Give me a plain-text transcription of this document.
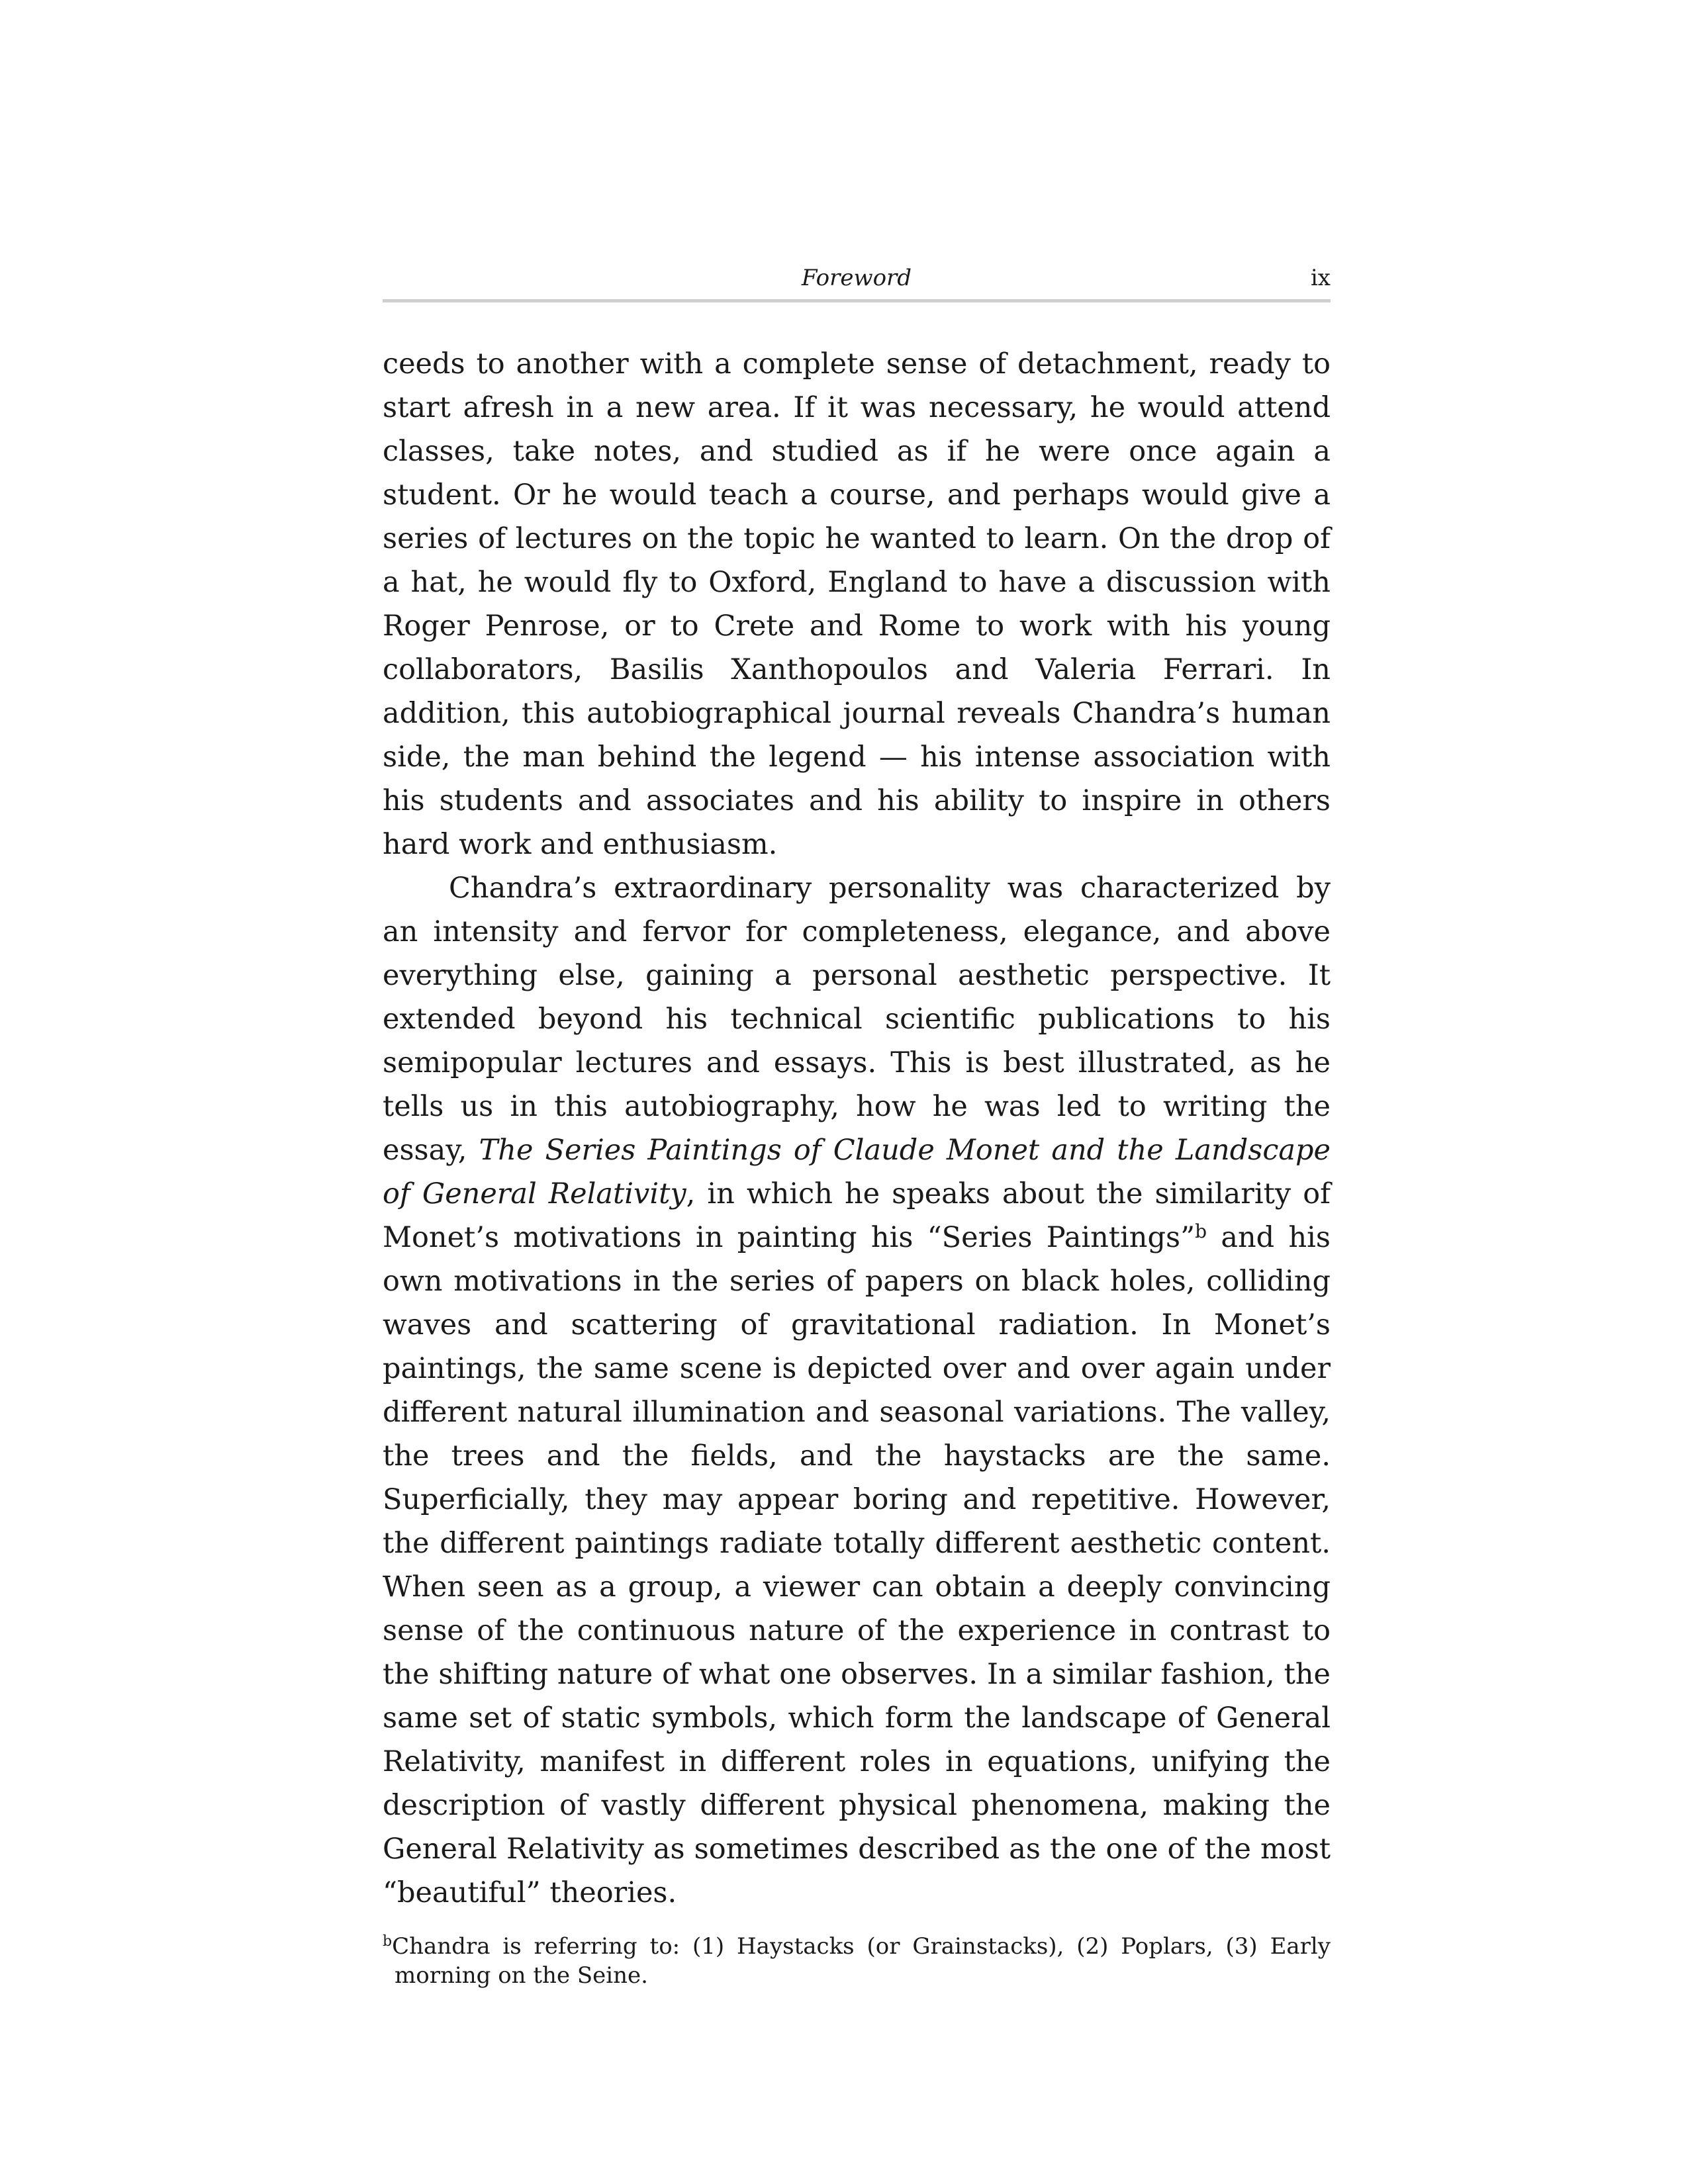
Foreword	ix

ceeds to another with a complete sense of detachment, ready to start afresh in a new area. If it was necessary, he would attend classes, take notes, and studied as if he were once again a student. Or he would teach a course, and perhaps would give a series of lectures on the topic he wanted to learn. On the drop of a hat, he would fly to Oxford, England to have a discussion with Roger Penrose, or to Crete and Rome to work with his young collaborators, Basilis Xanthopoulos and Valeria Ferrari. In addition, this autobiographical journal reveals Chandra’s human side, the man behind the legend — his intense association with his students and associates and his ability to inspire in others hard work and enthusiasm.

Chandra’s extraordinary personality was characterized by an intensity and fervor for completeness, elegance, and above everything else, gaining a personal aesthetic perspective. It extended beyond his technical scientific publications to his semipopular lectures and essays. This is best illustrated, as he tells us in this autobiography, how he was led to writing the essay, The Series Paintings of Claude Monet and the Landscape of General Relativity, in which he speaks about the similarity of Monet’s motivations in painting his “Series Paintings”$^b$ and his own motivations in the series of papers on black holes, colliding waves and scattering of gravitational radiation. In Monet’s paintings, the same scene is depicted over and over again under different natural illumination and seasonal variations. The valley, the trees and the fields, and the haystacks are the same. Superficially, they may appear boring and repetitive. However, the different paintings radiate totally different aesthetic content. When seen as a group, a viewer can obtain a deeply convincing sense of the continuous nature of the experience in contrast to the shifting nature of what one observes. In a similar fashion, the same set of static symbols, which form the landscape of General Relativity, manifest in different roles in equations, unifying the description of vastly different physical phenomena, making the General Relativity as sometimes described as the one of the most “beautiful” theories.

$^b$Chandra is referring to: (1) Haystacks (or Grainstacks), (2) Poplars, (3) Early morning on the Seine.
